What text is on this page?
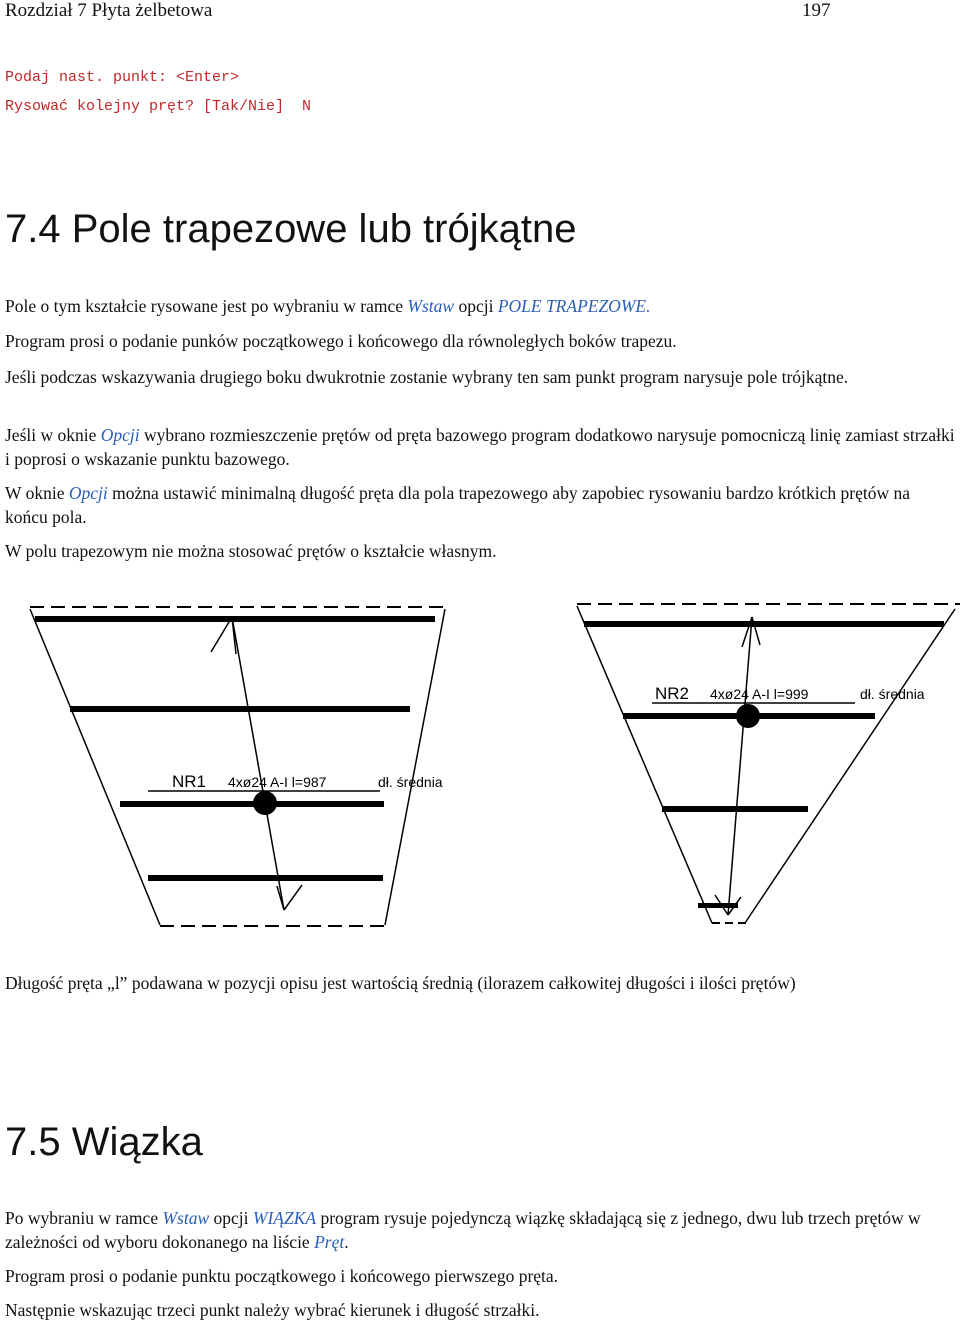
Rozdział 7 Płyta żelbetowa	197
Podaj nast. punkt: <Enter>
Rysować kolejny pręt? [Tak/Nie]  N
7.4 Pole trapezowe lub trójkątne
Pole o tym kształcie rysowane jest po wybraniu w ramce Wstaw opcji POLE TRAPEZOWE.
Program prosi o podanie punków początkowego i końcowego dla równoległych boków trapezu.
Jeśli podczas wskazywania drugiego boku dwukrotnie zostanie wybrany ten sam punkt program narysuje pole trójkątne.
Jeśli w oknie Opcji wybrano rozmieszczenie prętów od pręta bazowego program dodatkowo narysuje pomocniczą linię zamiast strzałki i poprosi o wskazanie punktu bazowego.
W oknie Opcji można ustawić minimalną długość pręta dla pola trapezowego aby zapobiec rysowaniu bardzo krótkich prętów na końcu pola.
W polu trapezowym nie można stosować prętów o kształcie własnym.
NR1 4xø24 A-I l=987	dł. średnia
NR2 4xø24 A-I l=999	dł. średnia
Długość pręta „l” podawana w pozycji opisu jest wartością średnią (ilorazem całkowitej długości i ilości prętów)
7.5 Wiązka
Po wybraniu w ramce Wstaw opcji WIĄZKA program rysuje pojedynczą wiązkę składającą się z jednego, dwu lub trzech prętów w zależności od wyboru dokonanego na liście Pręt.
Program prosi o podanie punktu początkowego i końcowego pierwszego pręta.
Następnie wskazując trzeci punkt należy wybrać kierunek i długość strzałki.
